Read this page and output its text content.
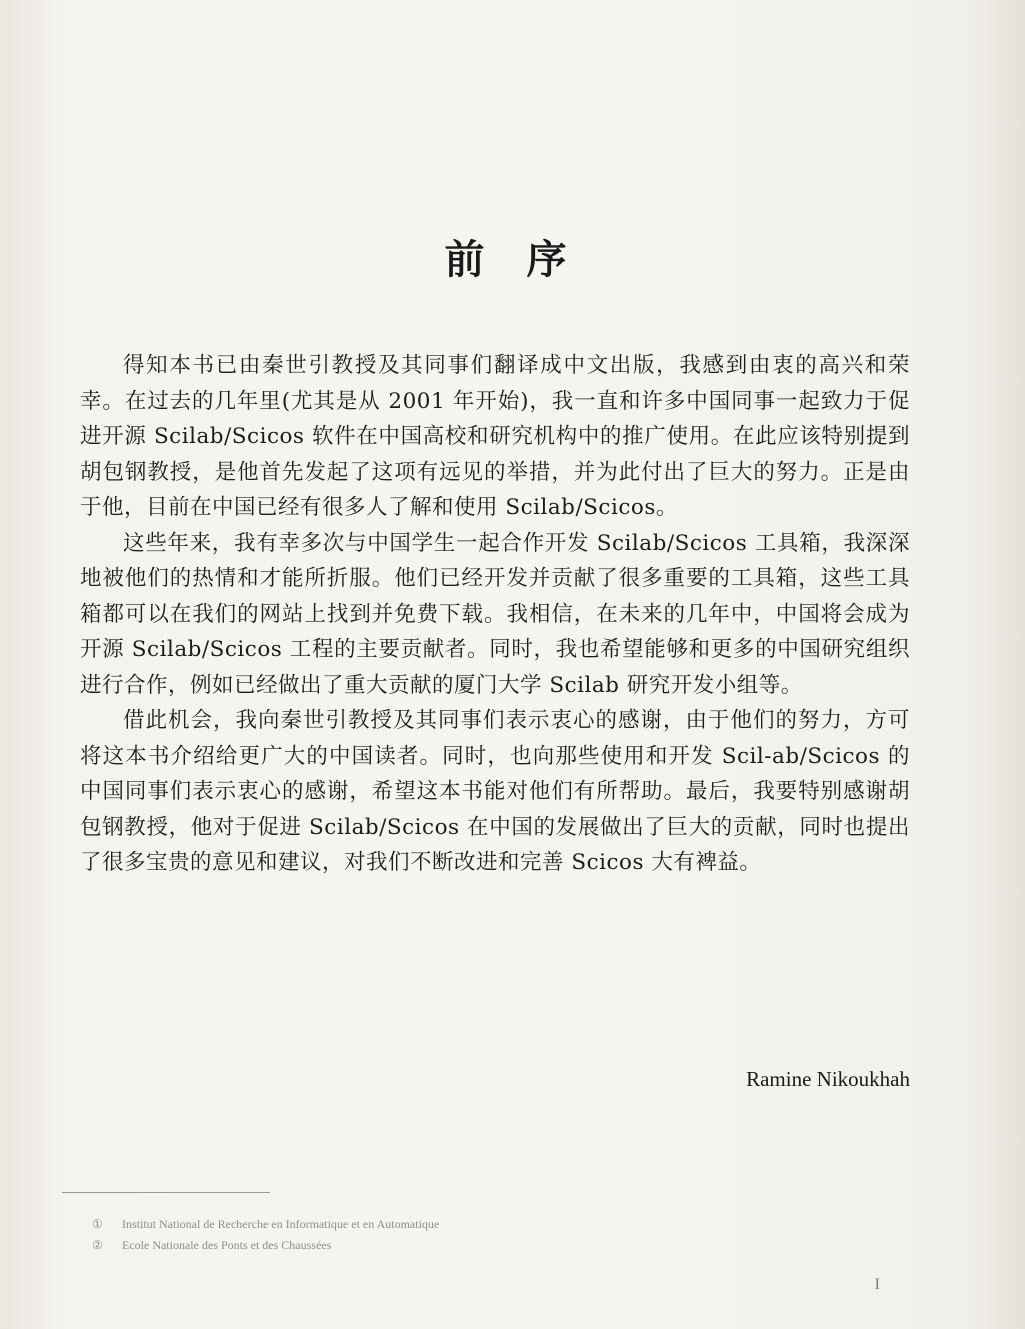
前 序

得知本书已由秦世引教授及其同事们翻译成中文出版，我感到由衷的高兴和荣幸。在过去的几年里(尤其是从 2001 年开始)，我一直和许多中国同事一起致力于促进开源 Scilab/Scicos 软件在中国高校和研究机构中的推广使用。在此应该特别提到胡包钢教授，是他首先发起了这项有远见的举措，并为此付出了巨大的努力。正是由于他，目前在中国已经有很多人了解和使用 Scilab/Scicos。

这些年来，我有幸多次与中国学生一起合作开发 Scilab/Scicos 工具箱，我深深地被他们的热情和才能所折服。他们已经开发并贡献了很多重要的工具箱，这些工具箱都可以在我们的网站上找到并免费下载。我相信，在未来的几年中，中国将会成为开源 Scilab/Scicos 工程的主要贡献者。同时，我也希望能够和更多的中国研究组织进行合作，例如已经做出了重大贡献的厦门大学 Scilab 研究开发小组等。

借此机会，我向秦世引教授及其同事们表示衷心的感谢，由于他们的努力，方可将这本书介绍给更广大的中国读者。同时，也向那些使用和开发 Scil-ab/Scicos 的中国同事们表示衷心的感谢，希望这本书能对他们有所帮助。最后，我要特别感谢胡包钢教授，他对于促进 Scilab/Scicos 在中国的发展做出了巨大的贡献，同时也提出了很多宝贵的意见和建议，对我们不断改进和完善 Scicos 大有裨益。

Ramine Nikoukhah
① Institut National de Recherche en Informatique et en Automatique
② Ecole Nationale des Ponts et des Chaussées
I
